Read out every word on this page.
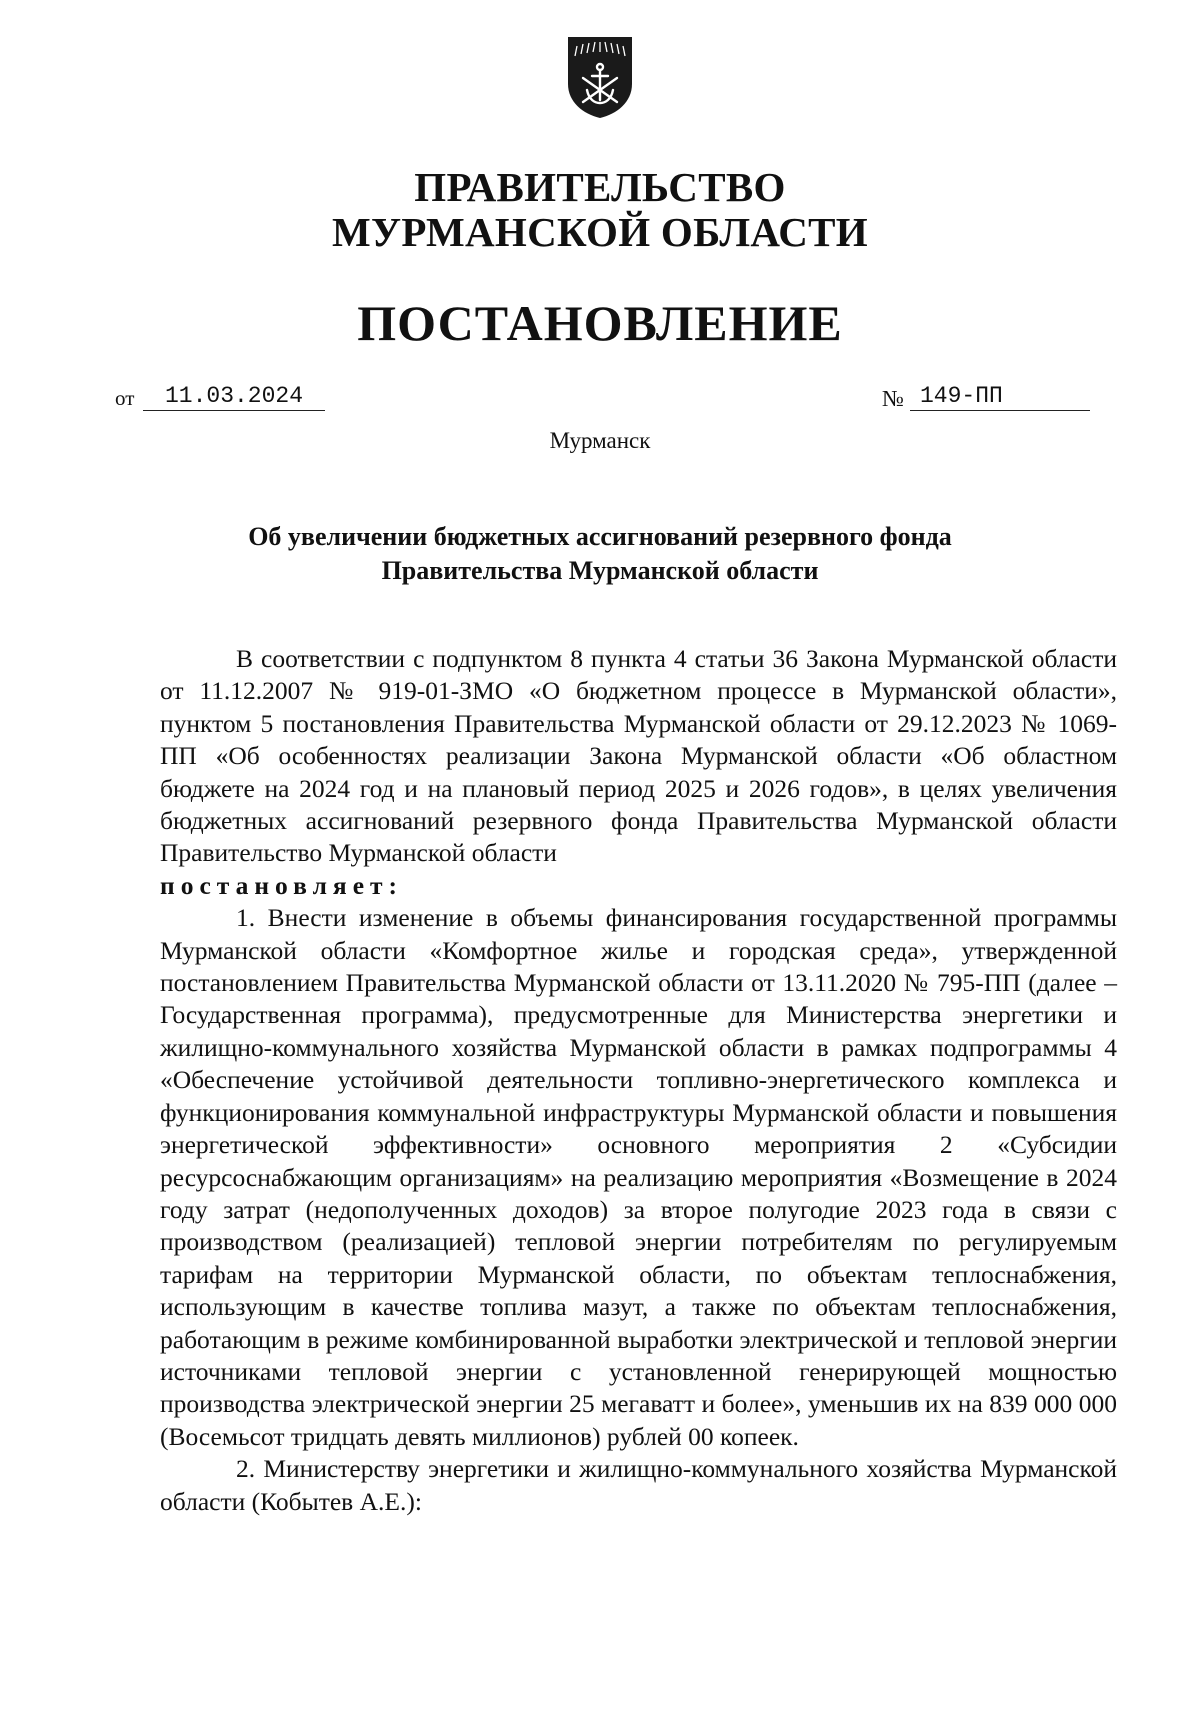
ПРАВИТЕЛЬСТВО
МУРМАНСКОЙ ОБЛАСТИ
ПОСТАНОВЛЕНИЕ
от	11.03.2024	№ 149-ПП
Мурманск
Об увеличении бюджетных ассигнований резервного фонда
Правительства Мурманской области

В соответствии с подпунктом 8 пункта 4 статьи 36 Закона Мурманской области от 11.12.2007 № 919-01-ЗМО «О бюджетном процессе в Мурманской области», пунктом 5 постановления Правительства Мурманской области от 29.12.2023 № 1069-ПП «Об особенностях реализации Закона Мурманской области «Об областном бюджете на 2024 год и на плановый период 2025 и 2026 годов», в целях увеличения бюджетных ассигнований резервного фонда Правительства Мурманской области Правительство Мурманской области

постановляет:

1. Внести изменение в объемы финансирования государственной программы Мурманской области «Комфортное жилье и городская среда», утвержденной постановлением Правительства Мурманской области от 13.11.2020 № 795-ПП (далее – Государственная программа), предусмотренные для Министерства энергетики и жилищно-коммунального хозяйства Мурманской области в рамках подпрограммы 4 «Обеспечение устойчивой деятельности топливно-энергетического комплекса и функционирования коммунальной инфраструктуры Мурманской области и повышения энергетической эффективности» основного мероприятия 2 «Субсидии ресурсоснабжающим организациям» на реализацию мероприятия «Возмещение в 2024 году затрат (недополученных доходов) за второе полугодие 2023 года в связи с производством (реализацией) тепловой энергии потребителям по регулируемым тарифам на территории Мурманской области, по объектам теплоснабжения, использующим в качестве топлива мазут, а также по объектам теплоснабжения, работающим в режиме комбинированной выработки электрической и тепловой энергии источниками тепловой энергии с установленной генерирующей мощностью производства электрической энергии 25 мегаватт и более», уменьшив их на 839 000 000 (Восемьсот тридцать девять миллионов) рублей 00 копеек.

2. Министерству энергетики и жилищно-коммунального хозяйства Мурманской области (Кобытев А.Е.):
